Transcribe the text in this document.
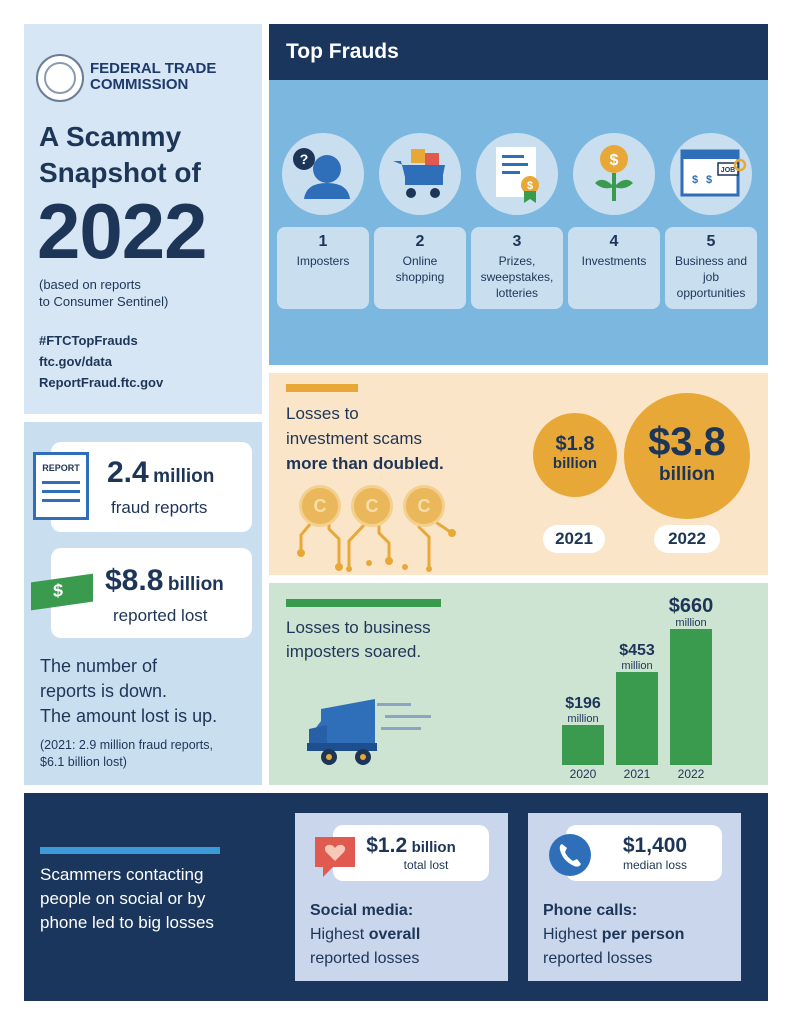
FEDERAL TRADE
COMMISSION
A Scammy
Snapshot of
2022
(based on reports
to Consumer Sentinel)
#FTCTopFrauds
ftc.gov/data
ReportFraud.ftc.gov
Top Frauds
?
$
$
$ $
JOB
1
Imposters
2
Online shopping
3
Prizes, sweepstakes, lotteries
4
Investments
5
Business and job opportunities
Losses to
investment scams
more than doubled.
C	C	C
$1.8
billion	$3.8
billion
2021	2022
2.4 million
fraud reports
REPORT
$8.8 billion
reported lost
$
The number of
reports is down.
The amount lost is up.
(2021: 2.9 million fraud reports,
$6.1 billion lost)
Losses to business
imposters soared.
$196
million
2020
$453
million
2021
$660
million
2022
Scammers contacting
people on social or by
phone led to big losses
$1.2 billion
total lost
Social media:
Highest overall
reported losses
$1,400
median loss
Phone calls:
Highest per person
reported losses
